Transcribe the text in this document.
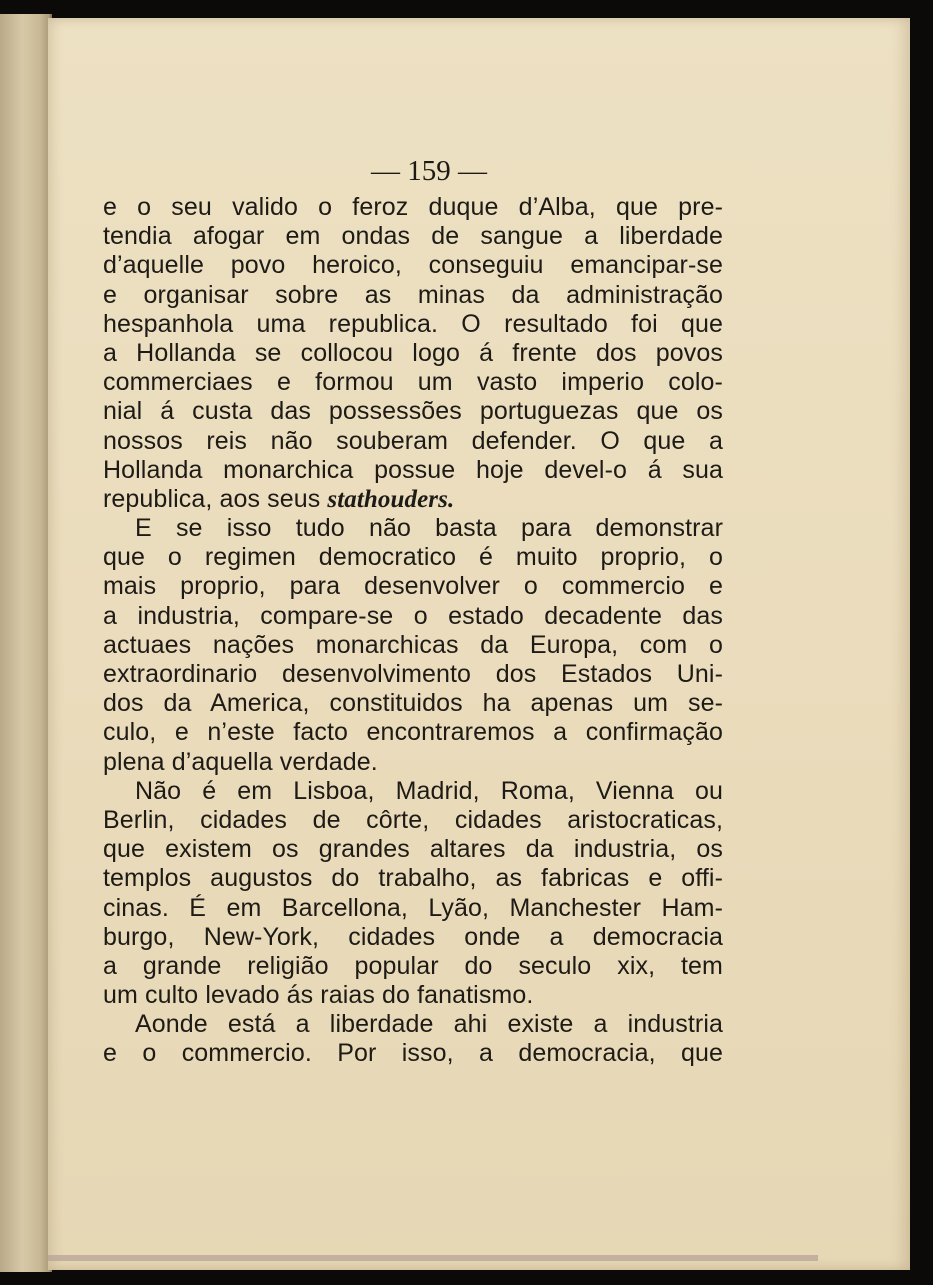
— 159 —
e o seu valido o feroz duque d’Alba, que pre-
tendia afogar em ondas de sangue a liberdade
d’aquelle povo heroico, conseguiu emancipar-se
e organisar sobre as minas da administração
hespanhola uma republica. O resultado foi que
a Hollanda se collocou logo á frente dos povos
commerciaes e formou um vasto imperio colo-
nial á custa das possessões portuguezas que os
nossos reis não souberam defender. O que a
Hollanda monarchica possue hoje devel-o á sua
republica, aos seus stathouders.
E se isso tudo não basta para demonstrar
que o regimen democratico é muito proprio, o
mais proprio, para desenvolver o commercio e
a industria, compare-se o estado decadente das
actuaes nações monarchicas da Europa, com o
extraordinario desenvolvimento dos Estados Uni-
dos da America, constituidos ha apenas um se-
culo, e n’este facto encontraremos a confirmação
plena d’aquella verdade.
Não é em Lisboa, Madrid, Roma, Vienna ou
Berlin, cidades de côrte, cidades aristocraticas,
que existem os grandes altares da industria, os
templos augustos do trabalho, as fabricas e offi-
cinas. É em Barcellona, Lyão, Manchester Ham-
burgo, New-York, cidades onde a democracia
a grande religião popular do seculo xix, tem
um culto levado ás raias do fanatismo.
Aonde está a liberdade ahi existe a industria
e o commercio. Por isso, a democracia, que
